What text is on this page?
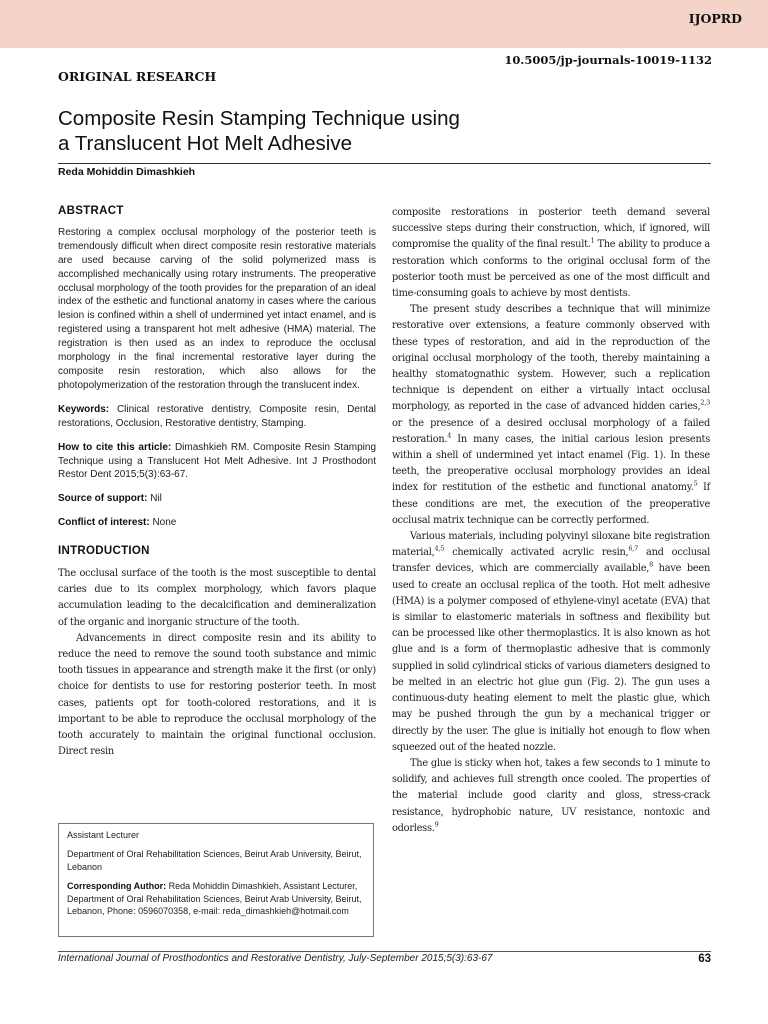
IJOPRD
10.5005/jp-journals-10019-1132
ORIGINAL RESEARCH
Composite Resin Stamping Technique using
a Translucent Hot Melt Adhesive
Reda Mohiddin Dimashkieh
ABSTRACT

Restoring a complex occlusal morphology of the posterior teeth is tremendously difficult when direct composite resin restorative materials are used because carving of the solid polymerized mass is accomplished mechanically using rotary instruments. The preoperative occlusal morphology of the tooth provides for the preparation of an ideal index of the esthetic and functional anatomy in cases where the carious lesion is confined within a shell of undermined yet intact enamel, and is registered using a transparent hot melt adhesive (HMA) material. The registration is then used as an index to reproduce the occlusal morphology in the final incremental restorative layer during the composite resin restoration, which also allows for the photopolymerization of the restoration through the translucent index.

Keywords: Clinical restorative dentistry, Composite resin, Dental restorations, Occlusion, Restorative dentistry, Stamping.

How to cite this article: Dimashkieh RM. Composite Resin Stamping Technique using a Translucent Hot Melt Adhesive. Int J Prosthodont Restor Dent 2015;5(3):63-67.

Source of support: Nil

Conflict of interest: None

INTRODUCTION

The occlusal surface of the tooth is the most susceptible to dental caries due to its complex morphology, which favors plaque accumulation leading to the decalcification and demineralization of the organic and inorganic structure of the tooth.

Advancements in direct composite resin and its ability to reduce the need to remove the sound tooth substance and mimic tooth tissues in appearance and strength make it the first (or only) choice for dentists to use for restoring posterior teeth. In most cases, patients opt for tooth-colored restorations, and it is important to be able to reproduce the occlusal morphology of the tooth accurately to maintain the original functional occlusion. Direct resin

composite restorations in posterior teeth demand several successive steps during their construction, which, if ignored, will compromise the quality of the final result.$^1$ The ability to produce a restoration which conforms to the original occlusal form of the posterior tooth must be perceived as one of the most difficult and time-consuming goals to achieve by most dentists.

The present study describes a technique that will minimize restorative over extensions, a feature commonly observed with these types of restoration, and aid in the reproduction of the original occlusal morphology of the tooth, thereby maintaining a healthy stomatognathic system. However, such a replication technique is dependent on either a virtually intact occlusal morphology, as reported in the case of advanced hidden caries,$^{2,3}$ or the presence of a desired occlusal morphology of a failed restoration.$^4$ In many cases, the initial carious lesion presents within a shell of undermined yet intact enamel (Fig. 1). In these teeth, the preoperative occlusal morphology provides an ideal index for restitution of the esthetic and functional anatomy.$^5$ If these conditions are met, the execution of the preoperative occlusal matrix technique can be correctly performed.

Various materials, including polyvinyl siloxane bite registration material,$^{4,5}$ chemically activated acrylic resin,$^{6,7}$ and occlusal transfer devices, which are commercially available,$^8$ have been used to create an occlusal replica of the tooth. Hot melt adhesive (HMA) is a polymer composed of ethylene-vinyl acetate (EVA) that is similar to elastomeric materials in softness and flexibility but can be processed like other thermoplastics. It is also known as hot glue and is a form of thermoplastic adhesive that is commonly supplied in solid cylindrical sticks of various diameters designed to be melted in an electric hot glue gun (Fig. 2). The gun uses a continuous-duty heating element to melt the plastic glue, which may be pushed through the gun by a mechanical trigger or directly by the user. The glue is initially hot enough to flow when squeezed out of the heated nozzle.

The glue is sticky when hot, takes a few seconds to 1 minute to solidify, and achieves full strength once cooled. The properties of the material include good clarity and gloss, stress-crack resistance, hydrophobic nature, UV resistance, nontoxic and odorless.$^9$

Assistant Lecturer

Department of Oral Rehabilitation Sciences, Beirut Arab University, Beirut, Lebanon

Corresponding Author: Reda Mohiddin Dimashkieh, Assistant Lecturer, Department of Oral Rehabilitation Sciences, Beirut Arab University, Beirut, Lebanon, Phone: 0596070358, e-mail: reda_dimashkieh@hotmail.com

International Journal of Prosthodontics and Restorative Dentistry, July-September 2015;5(3):63-67	63
